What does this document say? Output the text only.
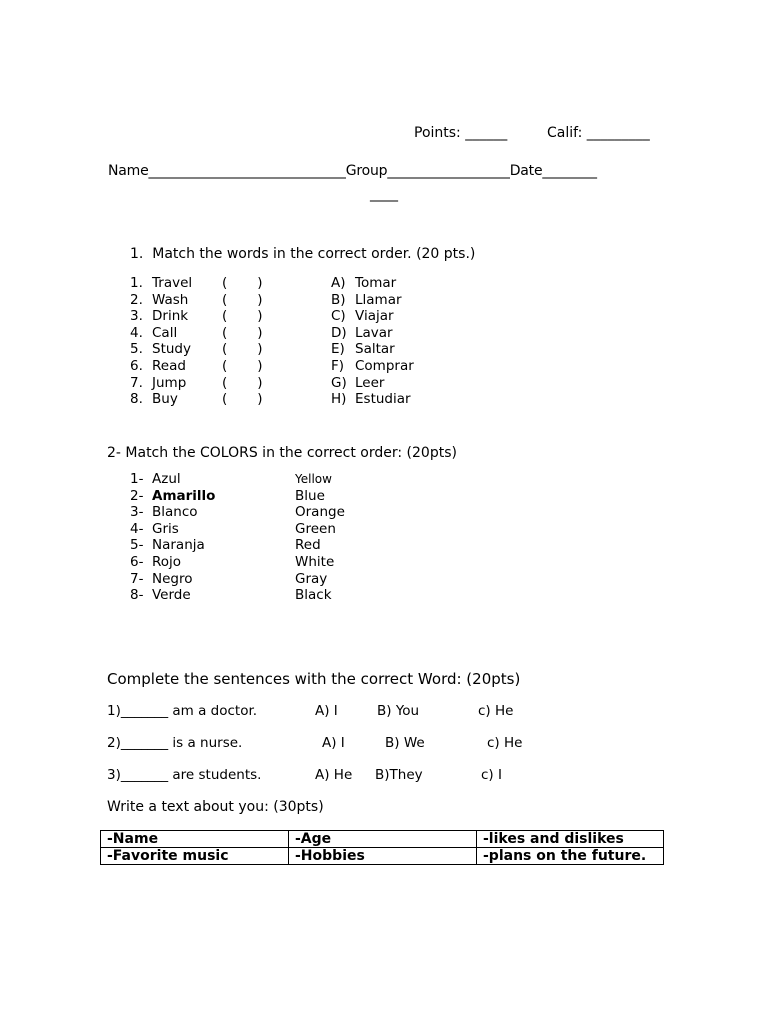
Points: ______	Calif: _________
Name_____________________________Group__________________Date________
____
1.  Match the words in the correct order. (20 pts.)
1. Travel (       )	A) Tomar
2. Wash (       )	B) Llamar
3. Drink	(       )	C) Viajar
4. Call	(       )	D) Lavar
5. Study (       )	E) Saltar
6. Read	(       )	F) Comprar
7. Jump	(       )	G) Leer
8. Buy	(       )	H) Estudiar
2- Match the COLORS in the correct order: (20pts)
1- Azul	Yellow
2- Amarillo	Blue
3- Blanco	Orange
4- Gris	Green
5- Naranja	Red
6- Rojo	White
7- Negro	Gray
8- Verde	Black
Complete the sentences with the correct Word: (20pts)
1)_______ am a doctor.	A) I	B) You	c) He
2)_______ is a nurse.	A) I	B) We	c) He
3)_______ are students.	A) He B)They	c) I
Write a text about you: (30pts)
-Name	-Age	-likes and dislikes
-Favorite music	-Hobbies	-plans on the future.
